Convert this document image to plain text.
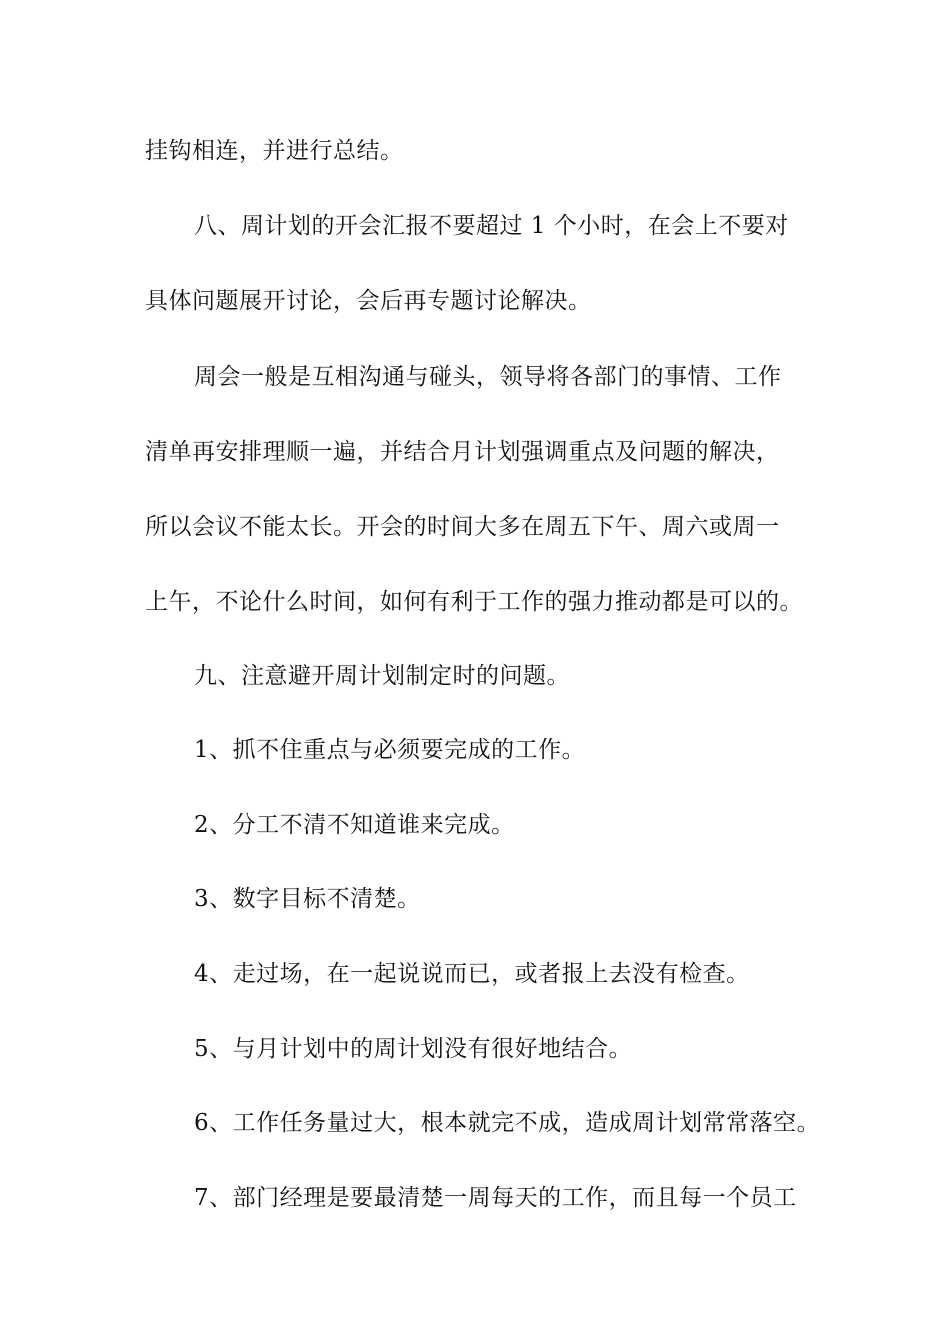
挂钩相连，并进行总结。
八、周计划的开会汇报不要超过 1 个小时，在会上不要对
具体问题展开讨论，会后再专题讨论解决。
周会一般是互相沟通与碰头，领导将各部门的事情、工作
清单再安排理顺一遍，并结合月计划强调重点及问题的解决，
所以会议不能太长。开会的时间大多在周五下午、周六或周一
上午，不论什么时间，如何有利于工作的强力推动都是可以的。
九、注意避开周计划制定时的问题。
1、抓不住重点与必须要完成的工作。
2、分工不清不知道谁来完成。
3、数字目标不清楚。
4、走过场，在一起说说而已，或者报上去没有检查。
5、与月计划中的周计划没有很好地结合。
6、工作任务量过大，根本就完不成，造成周计划常常落空。
7、部门经理是要最清楚一周每天的工作，而且每一个员工
